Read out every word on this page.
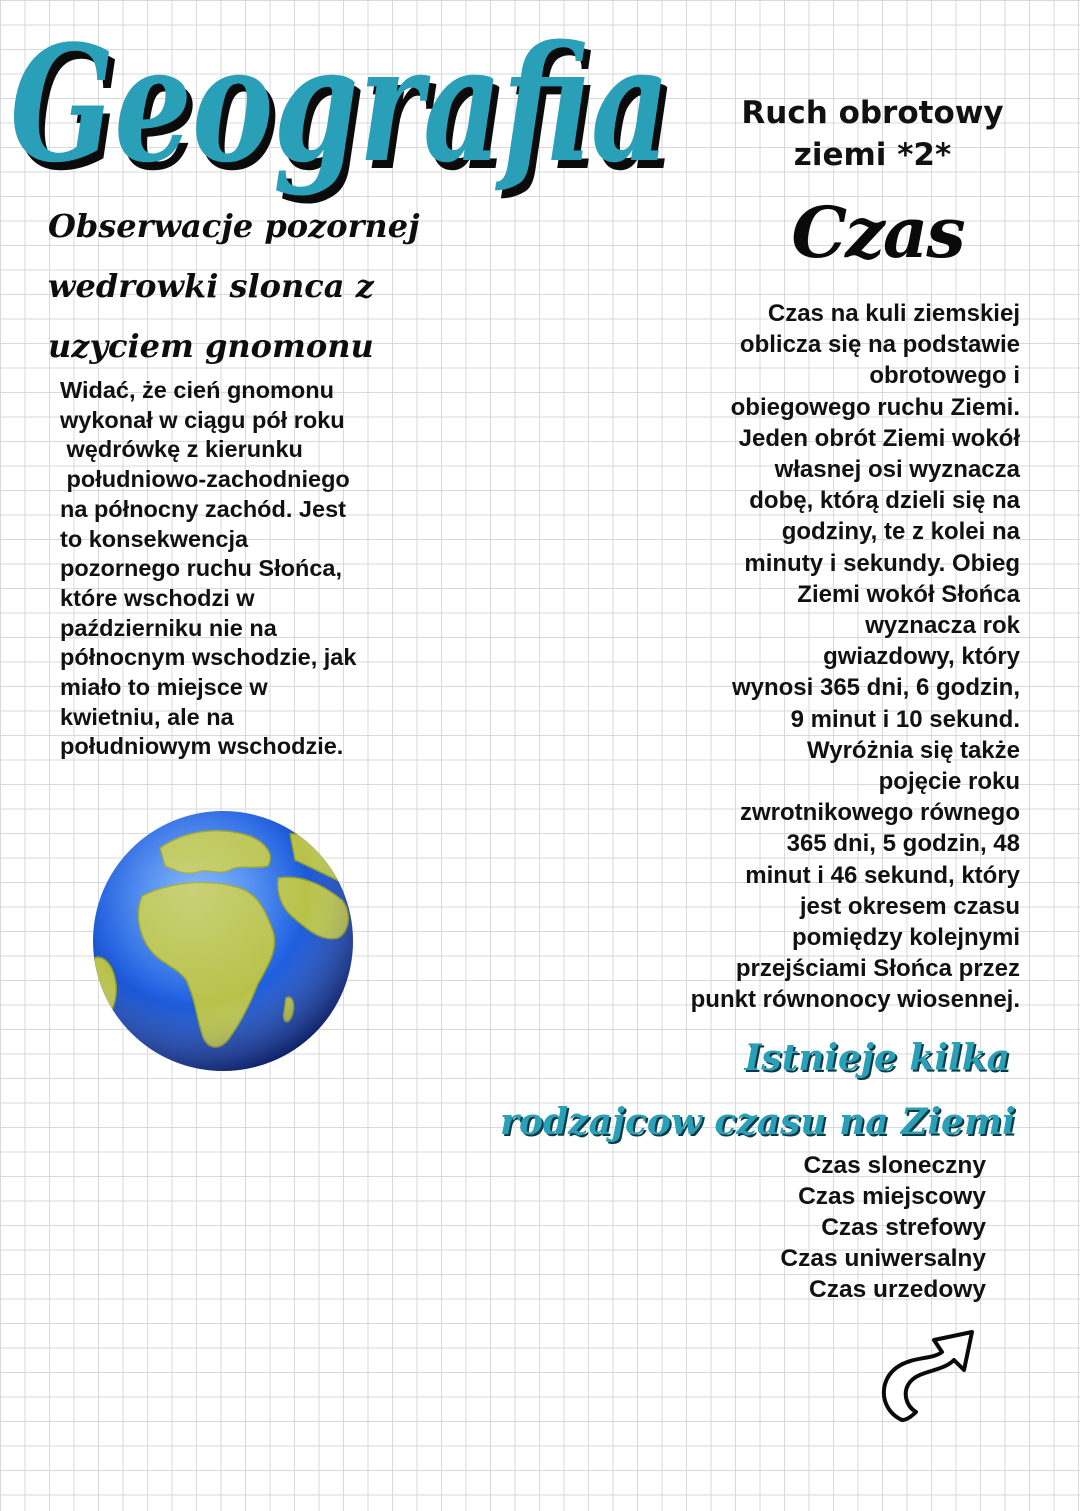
Geografia
Geografia	Ruch obrotowy
ziemi *2*
Czas
Obserwacje pozornej
wedrowki slonca z
uzyciem gnomonu
Widać, że cień gnomonu
wykonał w ciągu pół roku
wędrówkę z kierunku
południowo-zachodniego
na północny zachód. Jest
to konsekwencja
pozornego ruchu Słońca,
które wschodzi w
październiku nie na
północnym wschodzie, jak
miało to miejsce w
kwietniu, ale na
południowym wschodzie.
Czas na kuli ziemskiej
oblicza się na podstawie
obrotowego i
obiegowego ruchu Ziemi.
Jeden obrót Ziemi wokół
własnej osi wyznacza
dobę, którą dzieli się na
godziny, te z kolei na
minuty i sekundy. Obieg
Ziemi wokół Słońca
wyznacza rok
gwiazdowy, który
wynosi 365 dni, 6 godzin,
9 minut i 10 sekund.
Wyróżnia się także
pojęcie roku
zwrotnikowego równego
365 dni, 5 godzin, 48
minut i 46 sekund, który
jest okresem czasu
pomiędzy kolejnymi
przejściami Słońca przez
punkt równonocy wiosennej.
Istnieje kilka
rodzajcow czasu na Ziemi
Czas sloneczny
Czas miejscowy
Czas strefowy
Czas uniwersalny
Czas urzedowy
